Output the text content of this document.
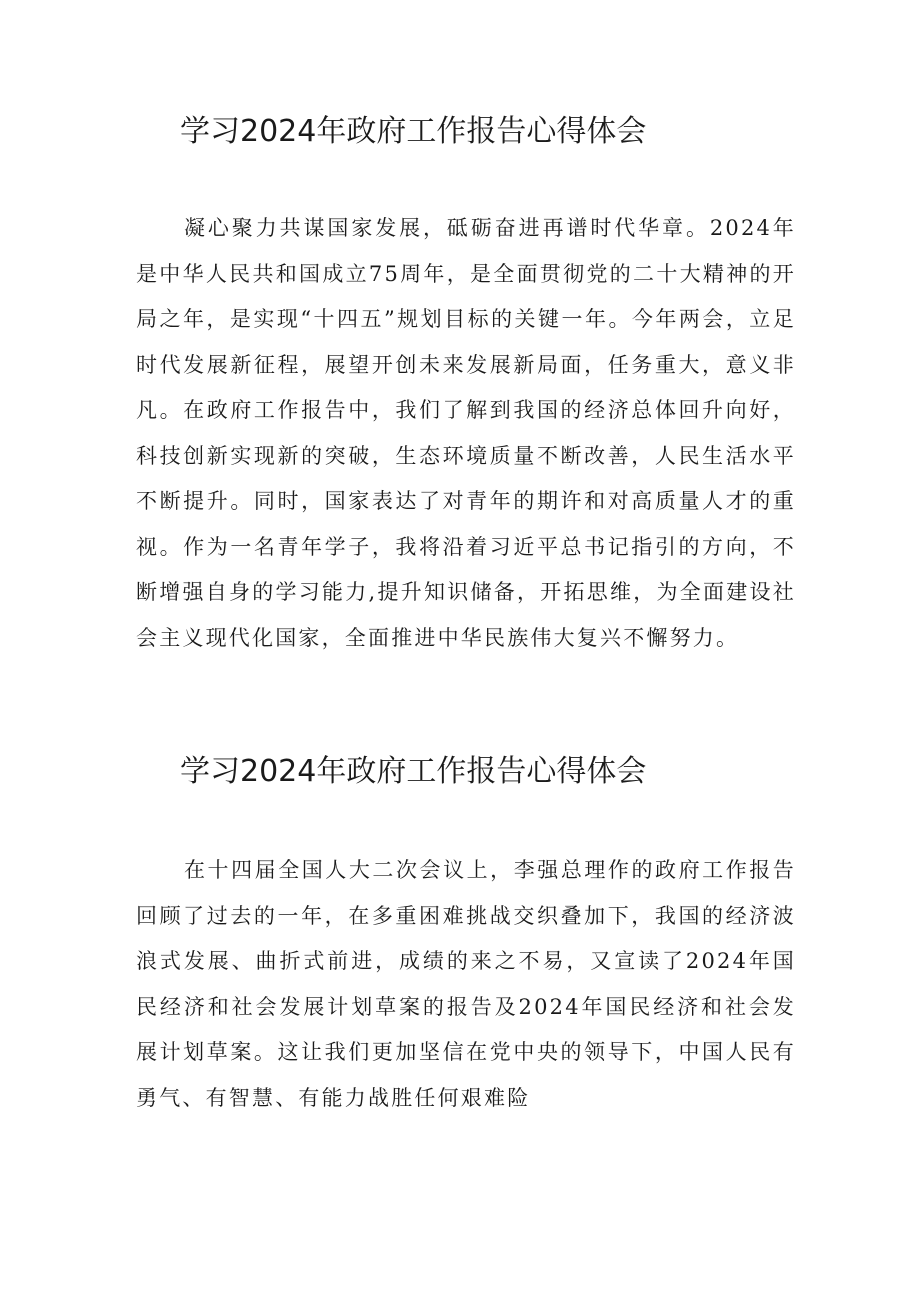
学习2024年政府工作报告心得体会

凝心聚力共谋国家发展，砥砺奋进再谱时代华章。2024年是中华人民共和国成立75周年，是全面贯彻党的二十大精神的开局之年，是实现“十四五”规划目标的关键一年。今年两会，立足时代发展新征程，展望开创未来发展新局面，任务重大，意义非凡。在政府工作报告中，我们了解到我国的经济总体回升向好，科技创新实现新的突破，生态环境质量不断改善，人民生活水平不断提升。同时，国家表达了对青年的期许和对高质量人才的重视。作为一名青年学子，我将沿着习近平总书记指引的方向，不断增强自身的学习能力,提升知识储备，开拓思维，为全面建设社会主义现代化国家，全面推进中华民族伟大复兴不懈努力。

学习2024年政府工作报告心得体会

在十四届全国人大二次会议上，李强总理作的政府工作报告回顾了过去的一年，在多重困难挑战交织叠加下，我国的经济波浪式发展、曲折式前进，成绩的来之不易，又宣读了2024年国民经济和社会发展计划草案的报告及2024年国民经济和社会发展计划草案。这让我们更加坚信在党中央的领导下，中国人民有勇气、有智慧、有能力战胜任何艰难险
